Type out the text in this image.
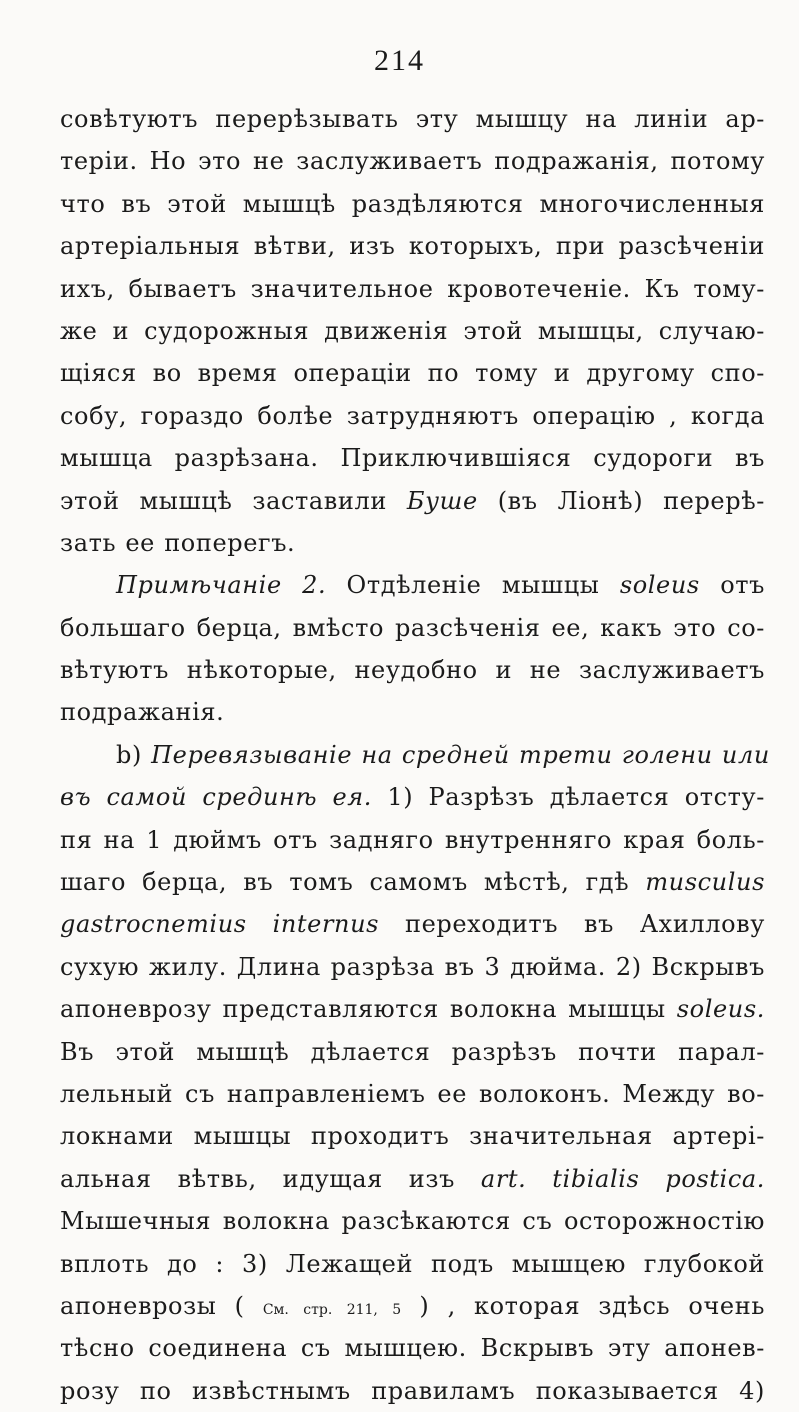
214
совѣтуютъ перерѣзывать эту мышцу на линіи ар-
теріи. Но это не заслуживаетъ подражанія, потому
что въ этой мышцѣ раздѣляются многочисленныя
артеріальныя вѣтви, изъ которыхъ, при разсѣченіи
ихъ, бываетъ значительное кровотеченіе. Къ тому-
же и судорожныя движенія этой мышцы, случаю-
щіяся во время операціи по тому и другому спо-
собу, гораздо болѣе затрудняютъ операцію , когда
мышца разрѣзана. Приключившіяся судороги въ
этой мышцѣ заставили Буше (въ Ліонѣ) перерѣ-
зать ее поперегъ.
Примѣчаніе 2. Отдѣленіе мышцы soleus отъ
большаго берца, вмѣсто разсѣченія ее, какъ это со-
вѣтуютъ нѣкоторые, неудобно и не заслуживаетъ
подражанія.
b) Перевязываніе на средней трети голени или
въ самой срединѣ ея. 1) Разрѣзъ дѣлается отсту-
пя на 1 дюймъ отъ задняго внутренняго края боль-
шаго берца, въ томъ самомъ мѣстѣ, гдѣ musculus
gastrocnemius internus переходитъ въ Ахиллову
сухую жилу. Длина разрѣза въ 3 дюйма. 2) Вскрывъ
апоневрозу представляются волокна мышцы soleus.
Въ этой мышцѣ дѣлается разрѣзъ почти парал-
лельный съ направленіемъ ее волоконъ. Между во-
локнами мышцы проходитъ значительная артері-
альная вѣтвь, идущая изъ art. tibialis postica.
Мышечныя волокна разсѣкаются съ осторожностію
вплоть до : 3) Лежащей подъ мышцею глубокой
апоневрозы ( См. стр. 211, 5 ) , которая здѣсь очень
тѣсно соединена съ мышцею. Вскрывъ эту апонев-
розу по извѣстнымъ правиламъ показывается 4)
